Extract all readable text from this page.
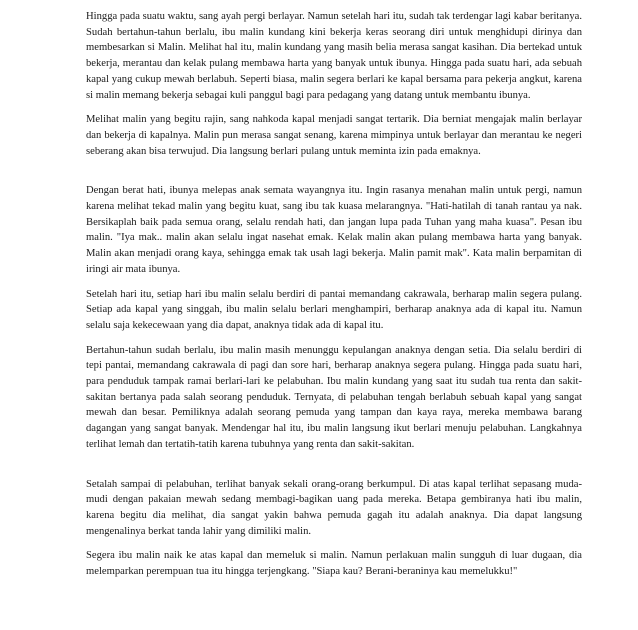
Hingga pada suatu waktu, sang ayah pergi berlayar. Namun setelah hari itu, sudah tak terdengar lagi kabar beritanya. Sudah bertahun-tahun berlalu, ibu malin kundang kini bekerja keras seorang diri untuk menghidupi dirinya dan membesarkan si Malin. Melihat hal itu, malin kundang yang masih belia merasa sangat kasihan. Dia bertekad untuk bekerja, merantau dan kelak pulang membawa harta yang banyak untuk ibunya. Hingga pada suatu hari, ada sebuah kapal yang cukup mewah berlabuh. Seperti biasa, malin segera berlari ke kapal bersama para pekerja angkut, karena si malin memang bekerja sebagai kuli panggul bagi para pedagang yang datang untuk membantu ibunya.

Melihat malin yang begitu rajin, sang nahkoda kapal menjadi sangat tertarik. Dia berniat mengajak malin berlayar dan bekerja di kapalnya. Malin pun merasa sangat senang, karena mimpinya untuk berlayar dan merantau ke negeri seberang akan bisa terwujud. Dia langsung berlari pulang untuk meminta izin pada emaknya.

Dengan berat hati, ibunya melepas anak semata wayangnya itu. Ingin rasanya menahan malin untuk pergi, namun karena melihat tekad malin yang begitu kuat, sang ibu tak kuasa melarangnya. "Hati-hatilah di tanah rantau ya nak. Bersikaplah baik pada semua orang, selalu rendah hati, dan jangan lupa pada Tuhan yang maha kuasa". Pesan ibu malin. "Iya mak.. malin akan selalu ingat nasehat emak. Kelak malin akan pulang membawa harta yang banyak. Malin akan menjadi orang kaya, sehingga emak tak usah lagi bekerja. Malin pamit mak". Kata malin berpamitan di iringi air mata ibunya.

Setelah hari itu, setiap hari ibu malin selalu berdiri di pantai memandang cakrawala, berharap malin segera pulang. Setiap ada kapal yang singgah, ibu malin selalu berlari menghampiri, berharap anaknya ada di kapal itu. Namun selalu saja kekecewaan yang dia dapat, anaknya tidak ada di kapal itu.

Bertahun-tahun sudah berlalu, ibu malin masih menunggu kepulangan anaknya dengan setia. Dia selalu berdiri di tepi pantai, memandang cakrawala di pagi dan sore hari, berharap anaknya segera pulang. Hingga pada suatu hari, para penduduk tampak ramai berlari-lari ke pelabuhan. Ibu malin kundang yang saat itu sudah tua renta dan sakit-sakitan bertanya pada salah seorang penduduk. Ternyata, di pelabuhan tengah berlabuh sebuah kapal yang sangat mewah dan besar. Pemiliknya adalah seorang pemuda yang tampan dan kaya raya, mereka membawa barang dagangan yang sangat banyak. Mendengar hal itu, ibu malin langsung ikut berlari menuju pelabuhan. Langkahnya terlihat lemah dan tertatih-tatih karena tubuhnya yang renta dan sakit-sakitan.

Setalah sampai di pelabuhan, terlihat banyak sekali orang-orang berkumpul. Di atas kapal terlihat sepasang muda-mudi dengan pakaian mewah sedang membagi-bagikan uang pada mereka. Betapa gembiranya hati ibu malin, karena begitu dia melihat, dia sangat yakin bahwa pemuda gagah itu adalah anaknya. Dia dapat langsung mengenalinya berkat tanda lahir yang dimiliki malin.

Segera ibu malin naik ke atas kapal dan memeluk si malin. Namun perlakuan malin sungguh di luar dugaan, dia melemparkan perempuan tua itu hingga terjengkang. "Siapa kau? Berani-beraninya kau memelukku!"
